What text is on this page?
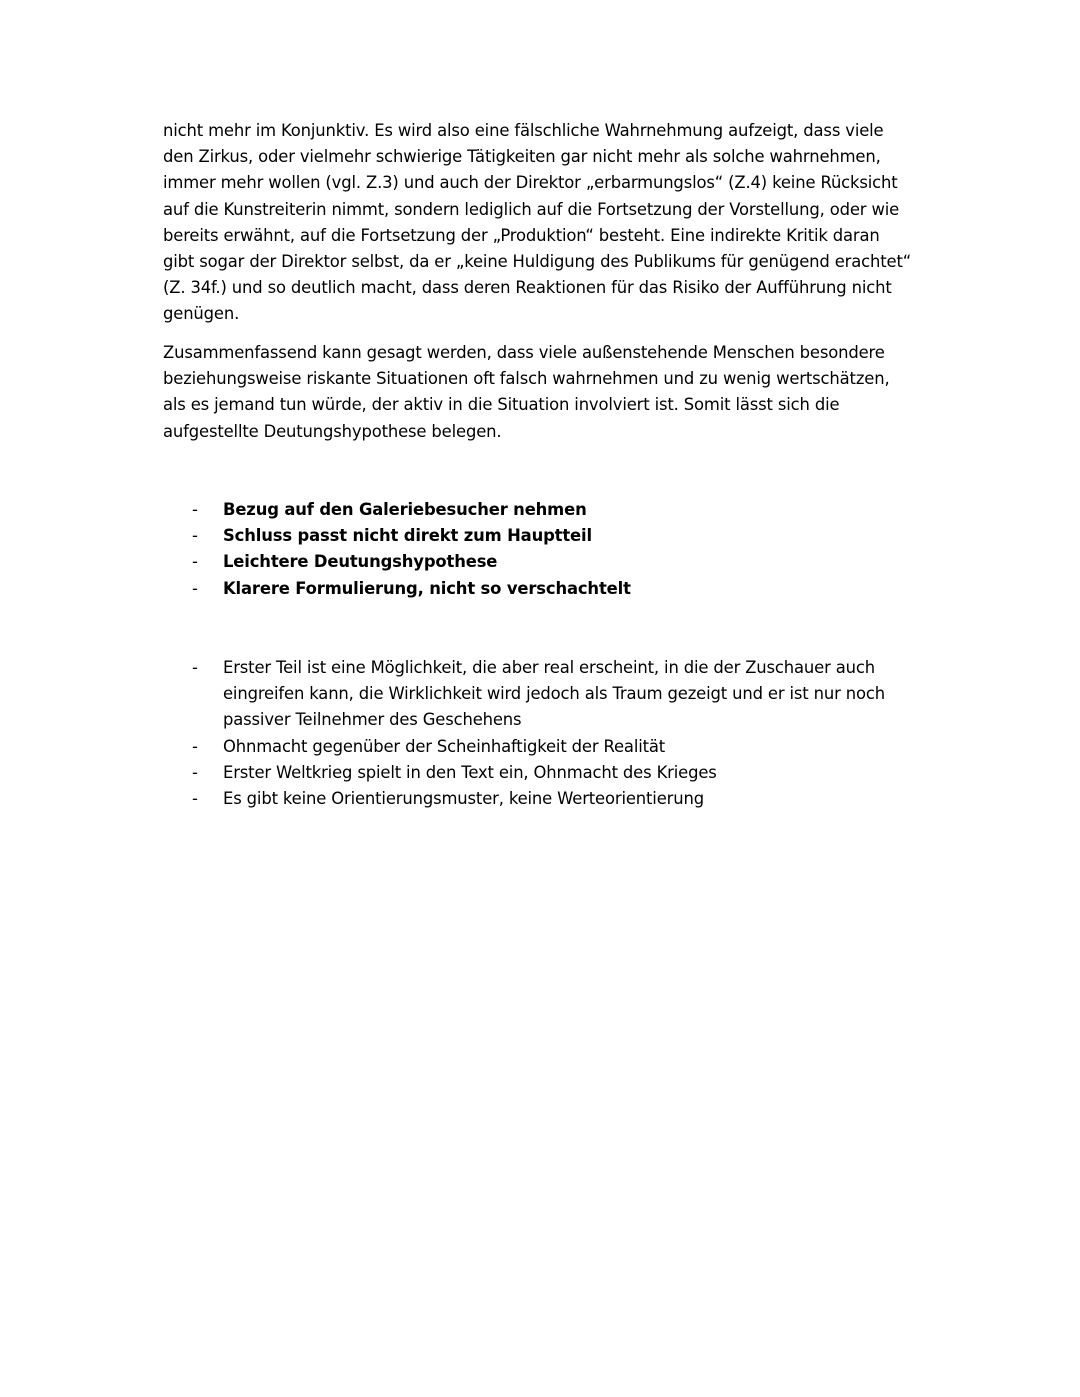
nicht mehr im Konjunktiv. Es wird also eine fälschliche Wahrnehmung aufzeigt, dass viele
den Zirkus, oder vielmehr schwierige Tätigkeiten gar nicht mehr als solche wahrnehmen,
immer mehr wollen (vgl. Z.3) und auch der Direktor „erbarmungslos“ (Z.4) keine Rücksicht
auf die Kunstreiterin nimmt, sondern lediglich auf die Fortsetzung der Vorstellung, oder wie
bereits erwähnt, auf die Fortsetzung der „Produktion“ besteht. Eine indirekte Kritik daran
gibt sogar der Direktor selbst, da er „keine Huldigung des Publikums für genügend erachtet“
(Z. 34f.) und so deutlich macht, dass deren Reaktionen für das Risiko der Aufführung nicht
genügen.

Zusammenfassend kann gesagt werden, dass viele außenstehende Menschen besondere
beziehungsweise riskante Situationen oft falsch wahrnehmen und zu wenig wertschätzen,
als es jemand tun würde, der aktiv in die Situation involviert ist. Somit lässt sich die
aufgestellte Deutungshypothese belegen.

- Bezug auf den Galeriebesucher nehmen
- Schluss passt nicht direkt zum Hauptteil
- Leichtere Deutungshypothese
- Klarere Formulierung, nicht so verschachtelt
- Erster Teil ist eine Möglichkeit, die aber real erscheint, in die der Zuschauer auch
eingreifen kann, die Wirklichkeit wird jedoch als Traum gezeigt und er ist nur noch
passiver Teilnehmer des Geschehens
- Ohnmacht gegenüber der Scheinhaftigkeit der Realität
- Erster Weltkrieg spielt in den Text ein, Ohnmacht des Krieges
- Es gibt keine Orientierungsmuster, keine Werteorientierung
